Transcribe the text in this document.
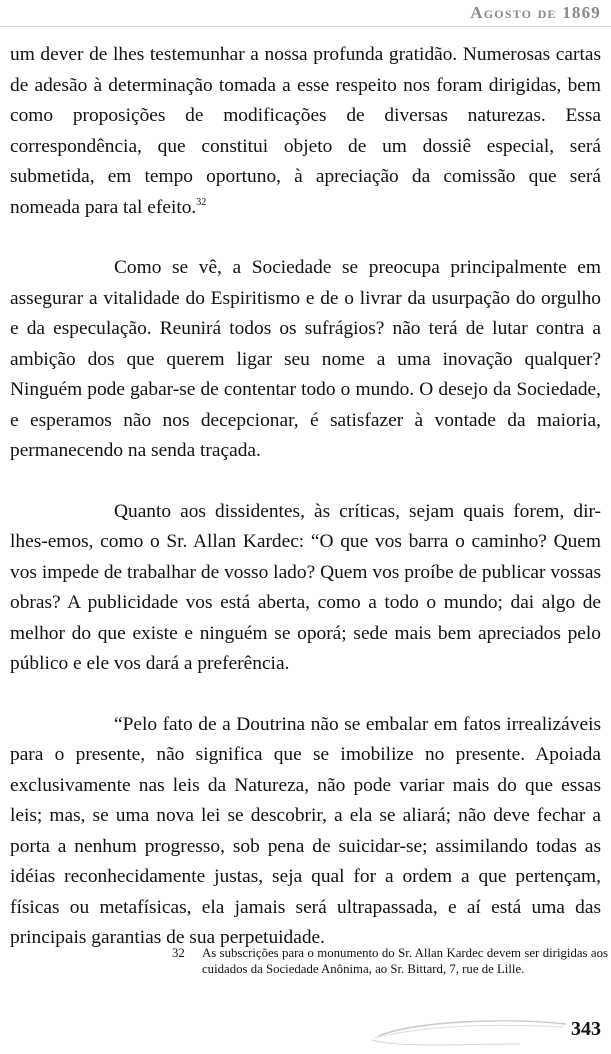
Agosto de 1869

um dever de lhes testemunhar a nossa profunda gratidão. Numerosas cartas de adesão à determinação tomada a esse respeito nos foram dirigidas, bem como proposições de modificações de diversas naturezas. Essa correspondência, que constitui objeto de um dossiê especial, será submetida, em tempo oportuno, à apreciação da comissão que será nomeada para tal efeito.$^{32}$

Como se vê, a Sociedade se preocupa principalmente em assegurar a vitalidade do Espiritismo e de o livrar da usurpação do orgulho e da especulação. Reunirá todos os sufrágios? não terá de lutar contra a ambição dos que querem ligar seu nome a uma inovação qualquer? Ninguém pode gabar-se de contentar todo o mundo. O desejo da Sociedade, e esperamos não nos decepcionar, é satisfazer à vontade da maioria, permanecendo na senda traçada.

Quanto aos dissidentes, às críticas, sejam quais forem, dir-lhes-emos, como o Sr. Allan Kardec: “O que vos barra o caminho? Quem vos impede de trabalhar de vosso lado? Quem vos proíbe de publicar vossas obras? A publicidade vos está aberta, como a todo o mundo; dai algo de melhor do que existe e ninguém se oporá; sede mais bem apreciados pelo público e ele vos dará a preferência.

“Pelo fato de a Doutrina não se embalar em fatos irrealizáveis para o presente, não significa que se imobilize no presente. Apoiada exclusivamente nas leis da Natureza, não pode variar mais do que essas leis; mas, se uma nova lei se descobrir, a ela se aliará; não deve fechar a porta a nenhum progresso, sob pena de suicidar-se; assimilando todas as idéias reconhecidamente justas, seja qual for a ordem a que pertençam, físicas ou metafísicas, ela jamais será ultrapassada, e aí está uma das principais garantias de sua perpetuidade.

32 As subscrições para o monumento do Sr. Allan Kardec devem ser dirigidas aos cuidados da Sociedade Anônima, ao Sr. Bittard, 7, rue de Lille.
343
